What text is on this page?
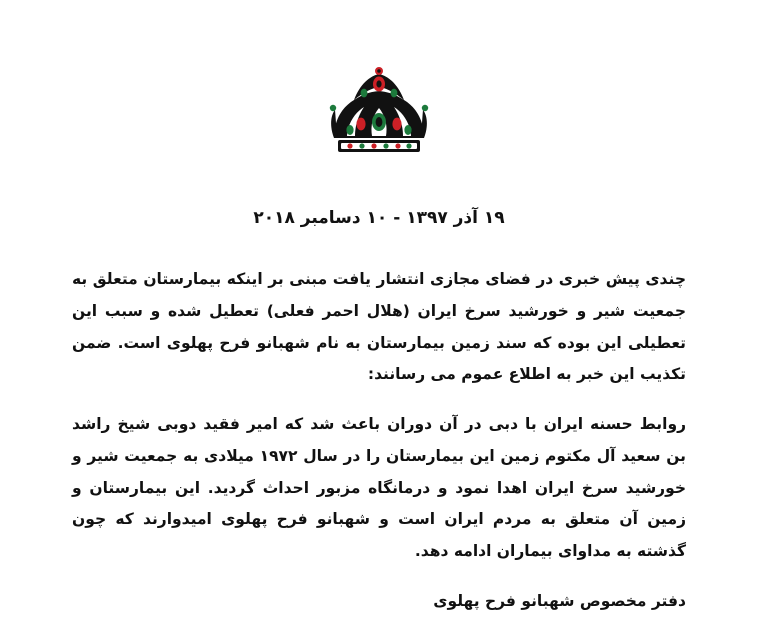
۱۹ آذر ۱۳۹۷ - ۱۰ دسامبر ۲۰۱۸

چندی پیش خبری در فضای مجازی انتشار یافت مبنی بر اینکه بیمارستان متعلق به جمعیت شیر و خورشید سرخ ایران (هلال احمر فعلی) تعطیل شده و سبب این تعطیلی این بوده که سند زمین بیمارستان به نام شهبانو فرح پهلوی است. ضمن تکذیب این خبر به اطلاع عموم می رسانند:

روابط حسنه ایران با دبی در آن دوران باعث شد که امیر فقید دوبی شیخ راشد بن سعید آل مکتوم زمین این بیمارستان را در سال ۱۹۷۲ میلادی به جمعیت شیر و خورشید سرخ ایران اهدا نمود و درمانگاه مزبور احداث گردید. این بیمارستان و زمین آن متعلق به مردم ایران است و شهبانو فرح پهلوی امیدوارند که چون گذشته به مداوای بیماران ادامه دهد.

دفتر مخصوص شهبانو فرح پهلوی
